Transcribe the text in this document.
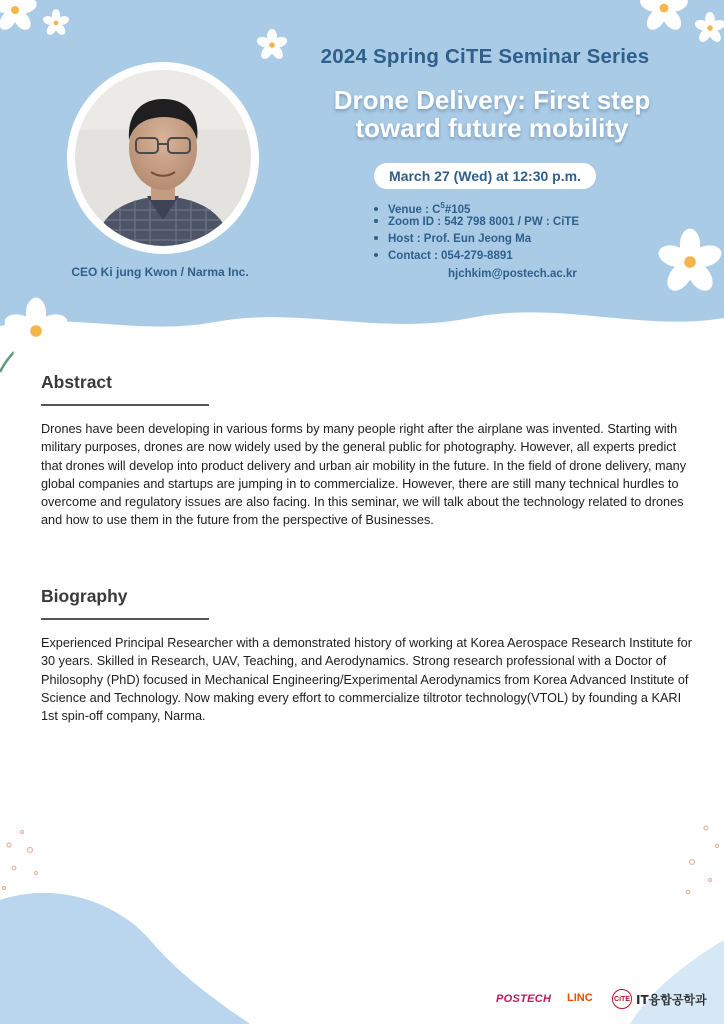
2024 Spring CiTE Seminar Series
Drone Delivery: First step
toward future mobility
March 27 (Wed) at 12:30 p.m.
Venue : $C^5\#105$
Zoom ID : 542 798 8001 / PW : CiTE
Host : Prof. Eun Jeong Ma
Contact : 054-279-8891
hjchkim@postech.ac.kr
CEO Ki jung Kwon / Narma Inc.
Abstract

Drones have been developing in various forms by many people right after the airplane was invented. Starting with military purposes, drones are now widely used by the general public for photography. However, all experts predict that drones will develop into product delivery and urban air mobility in the future. In the field of drone delivery, many global companies and startups are jumping in to commercialize. However, there are still many technical hurdles to overcome and regulatory issues are also facing. In this seminar, we will talk about the technology related to drones and how to use them in the future from the perspective of Businesses.

Biography

Experienced Principal Researcher with a demonstrated history of working at Korea Aerospace Research Institute for 30 years. Skilled in Research, UAV, Teaching, and Aerodynamics. Strong research professional with a Doctor of Philosophy (PhD) focused in Mechanical Engineering/Experimental Aerodynamics from Korea Advanced Institute of Science and Technology. Now making every effort to commercialize tiltrotor technology(VTOL) by founding a KARI 1st spin-off company, Narma.

POSTECH LINC	CiTE IT융합공학과
